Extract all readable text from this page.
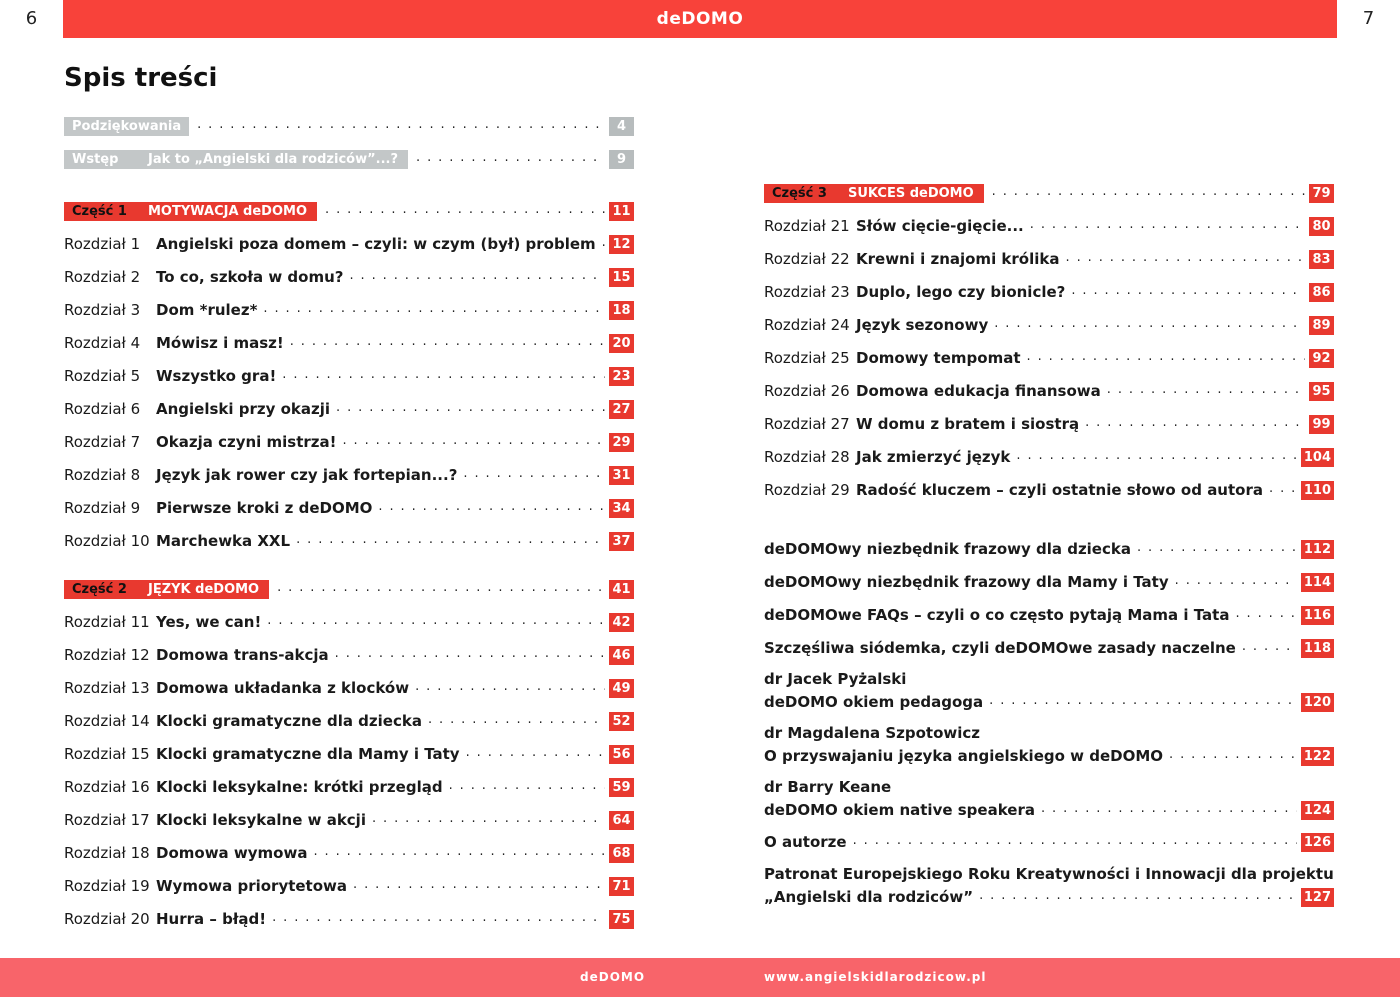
6	deDOMO	7
Spis treści
Podziękowania . . .	4
Wstęp	Jak to „Angielski dla rodziców”...? . . .	9
Część 1	MOTYWACJA deDOMO . . .	11
Rozdział 1	Angielski poza domem – czyli: w czym (był) problem . . .	12
Rozdział 2	To co, szkoła w domu? . . .	15
Rozdział 3	Dom *rulez* . . .	18
Rozdział 4	Mówisz i masz! . . .	20
Rozdział 5	Wszystko gra! . . .	23
Rozdział 6	Angielski przy okazji . . .	27
Rozdział 7	Okazja czyni mistrza! . . .	29
Rozdział 8	Język jak rower czy jak fortepian...? . . .	31
Rozdział 9	Pierwsze kroki z deDOMO . . .	34
Rozdział 10 Marchewka XXL . . .	37
Część 2	JĘZYK deDOMO . . .	41
Rozdział 11 Yes, we can! . . .	42
Rozdział 12 Domowa trans-akcja . . .	46
Rozdział 13 Domowa układanka z klocków . . .	49
Rozdział 14 Klocki gramatyczne dla dziecka . . .	52
Rozdział 15 Klocki gramatyczne dla Mamy i Taty . . .	56
Rozdział 16 Klocki leksykalne: krótki przegląd . . .	59
Rozdział 17 Klocki leksykalne w akcji . . .	64
Rozdział 18 Domowa wymowa . . .	68
Rozdział 19 Wymowa priorytetowa . . .	71
Rozdział 20 Hurra – błąd! . . .	75
Część 3	SUKCES deDOMO . . .	79
Rozdział 21 Słów cięcie-gięcie... . . .	80
Rozdział 22 Krewni i znajomi królika . . .	83
Rozdział 23 Duplo, lego czy bionicle? . . .	86
Rozdział 24 Język sezonowy . . .	89
Rozdział 25 Domowy tempomat . . .	92
Rozdział 26 Domowa edukacja finansowa . . .	95
Rozdział 27 W domu z bratem i siostrą . . .	99
Rozdział 28 Jak zmierzyć język . . .	104
Rozdział 29 Radość kluczem – czyli ostatnie słowo od autora . . .	110
deDOMOwy niezbędnik frazowy dla dziecka . . .	112
deDOMOwy niezbędnik frazowy dla Mamy i Taty . . .	114
deDOMOwe FAQs – czyli o co często pytają Mama i Tata . . .	116
Szczęśliwa siódemka, czyli deDOMOwe zasady naczelne . . .	118
dr Jacek Pyżalski
deDOMO okiem pedagoga . . .	120
dr Magdalena Szpotowicz
O przyswajaniu języka angielskiego w deDOMO . . .	122
dr Barry Keane
deDOMO okiem native speakera . . .	124
O autorze . . .	126
Patronat Europejskiego Roku Kreatywności i Innowacji dla projektu
„Angielski dla rodziców” . . .	127
deDOMO	www.angielskidlarodzicow.pl
